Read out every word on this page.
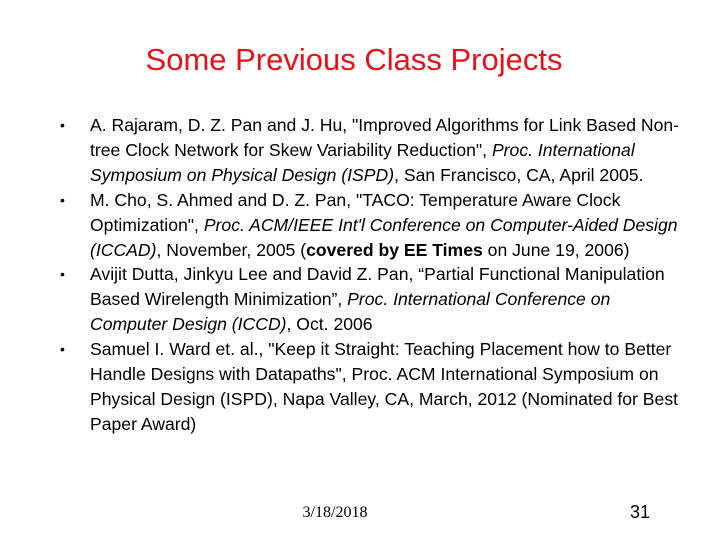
Some Previous Class Projects
• A. Rajaram, D. Z. Pan and J. Hu, "Improved Algorithms for Link Based Non-tree Clock Network for Skew Variability Reduction", Proc. International Symposium on Physical Design (ISPD), San Francisco, CA, April 2005.
• M. Cho, S. Ahmed and D. Z. Pan, "TACO: Temperature Aware Clock Optimization", Proc. ACM/IEEE Int'l Conference on Computer-Aided Design (ICCAD), November, 2005 (covered by EE Times on June 19, 2006)
• Avijit Dutta, Jinkyu Lee and David Z. Pan, “Partial Functional Manipulation Based Wirelength Minimization”, Proc. International Conference on Computer Design (ICCD), Oct. 2006
• Samuel I. Ward et. al., "Keep it Straight: Teaching Placement how to Better Handle Designs with Datapaths", Proc. ACM International Symposium on Physical Design (ISPD), Napa Valley, CA, March, 2012 (Nominated for Best Paper Award)
3/18/2018	31
